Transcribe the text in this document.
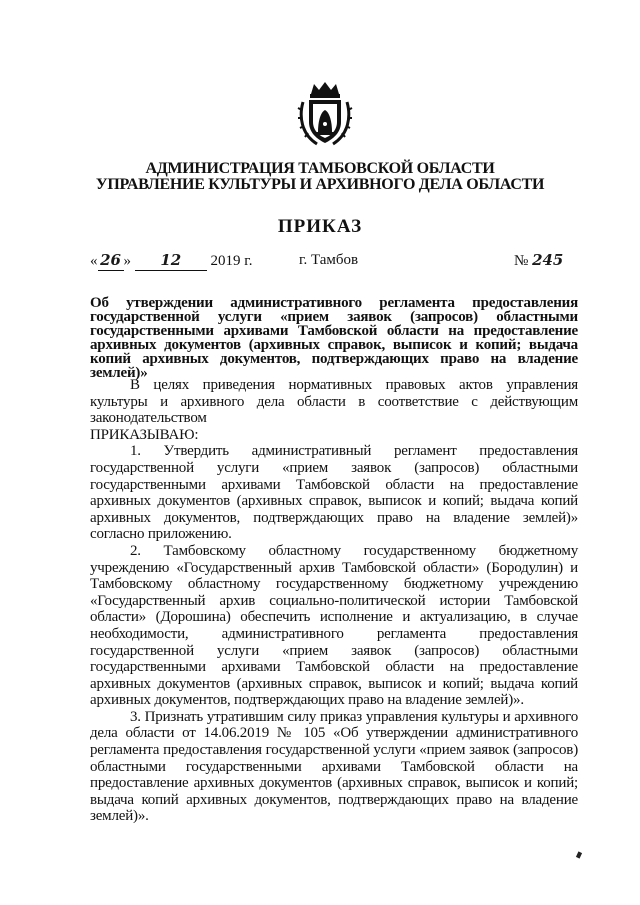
АДМИНИСТРАЦИЯ ТАМБОВСКОЙ ОБЛАСТИ
УПРАВЛЕНИЕ КУЛЬТУРЫ И АРХИВНОГО ДЕЛА ОБЛАСТИ
ПРИКАЗ
« 26 » 12 2019 г.	г. Тамбов	№ 245
Об утверждении административного регламента предоставления государственной услуги «прием заявок (запросов) областными государственными архивами Тамбовской области на предоставление архивных документов (архивных справок, выписок и копий; выдача копий архивных документов, подтверждающих право на владение землей)»

В целях приведения нормативных правовых актов управления культуры и архивного дела области в соответствие с действующим законодательством

ПРИКАЗЫВАЮ:

1. Утвердить административный регламент предоставления государственной услуги «прием заявок (запросов) областными государственными архивами Тамбовской области на предоставление архивных документов (архивных справок, выписок и копий; выдача копий архивных документов, подтверждающих право на владение землей)» согласно приложению.

2. Тамбовскому областному государственному бюджетному учреждению «Государственный архив Тамбовской области» (Бородулин) и Тамбовскому областному государственному бюджетному учреждению «Государственный архив социально-политической истории Тамбовской области» (Дорошина) обеспечить исполнение и актуализацию, в случае необходимости, административного регламента предоставления государственной услуги «прием заявок (запросов) областными государственными архивами Тамбовской области на предоставление архивных документов (архивных справок, выписок и копий; выдача копий архивных документов, подтверждающих право на владение землей)».

3. Признать утратившим силу приказ управления культуры и архивного дела области от 14.06.2019 № 105 «Об утверждении административного регламента предоставления государственной услуги «прием заявок (запросов) областными государственными архивами Тамбовской области на предоставление архивных документов (архивных справок, выписок и копий; выдача копий архивных документов, подтверждающих право на владение землей)».
